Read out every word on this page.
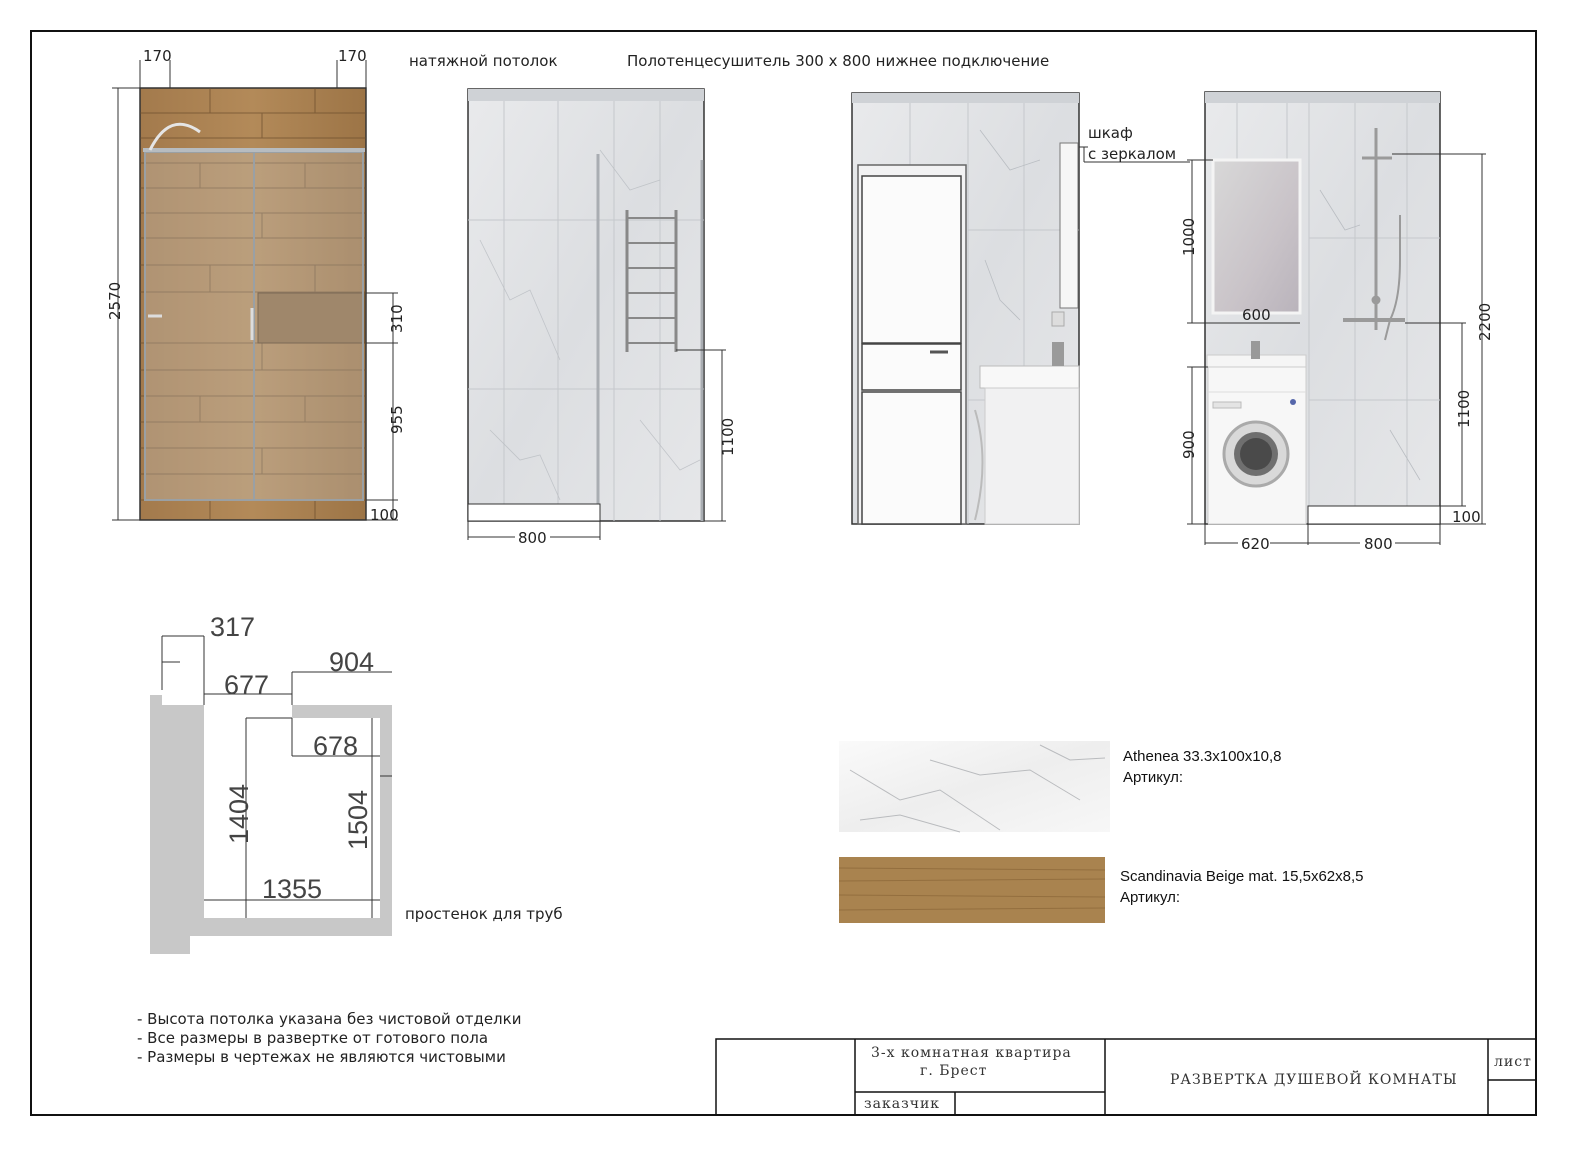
170	170
2570	310
955
100
800
1100
натяжной потолок	Полотенцесушитель 300 х 800 нижнее подключение
шкаф
с зеркалом
1000
600
900
2200
1100
100
620	800
317
904
677
678
1404	1504
1355
простенок для труб
Athenea 33.3x100x10,8
Артикул:
Scandinavia Beige mat. 15,5x62x8,5
Артикул:
- Высота потолка указана без чистовой отделки
- Все размеры в развертке от готового пола
- Размеры в чертежах не являются чистовыми	3-х комнатная квартира
г. Брест
заказчик
РАЗВЕРТКА ДУШЕВОЙ КОМНАТЫ
лист
